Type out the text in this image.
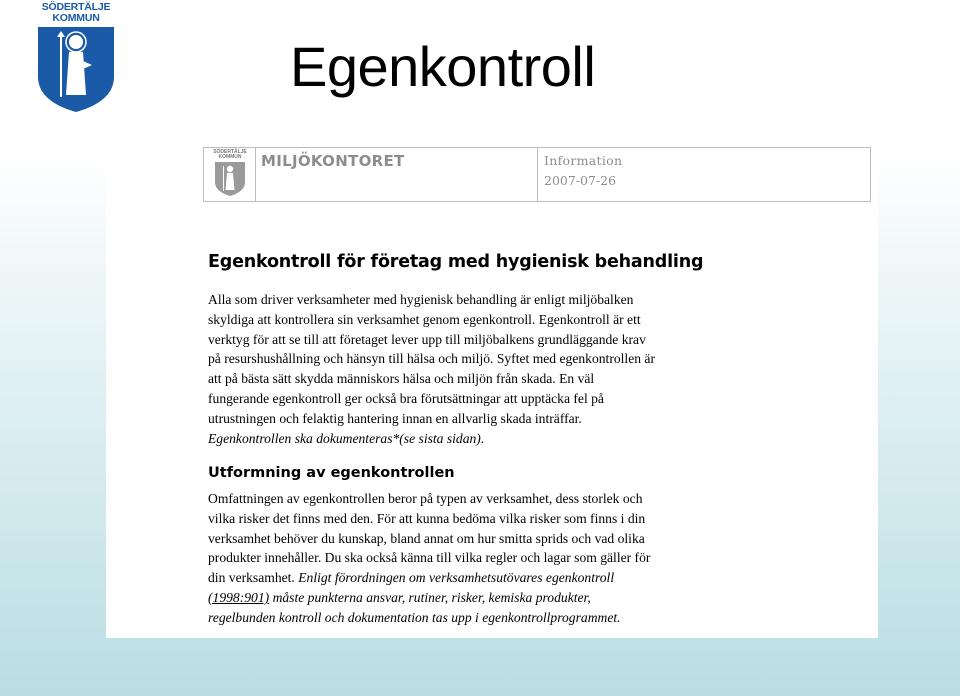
SÖDERTÄLJE
KOMMUN
Egenkontroll
SÖDERTÄLJE KOMMUN	MILJÖKONTORET	Information
2007-07-26
Egenkontroll för företag med hygienisk behandling

Alla som driver verksamheter med hygienisk behandling är enligt miljöbalken
skyldiga att kontrollera sin verksamhet genom egenkontroll. Egenkontroll är ett
verktyg för att se till att företaget lever upp till miljöbalkens grundläggande krav
på resurshushållning och hänsyn till hälsa och miljö. Syftet med egenkontrollen är
att på bästa sätt skydda människors hälsa och miljön från skada. En väl
fungerande egenkontroll ger också bra förutsättningar att upptäcka fel på
utrustningen och felaktig hantering innan en allvarlig skada inträffar.
Egenkontrollen ska dokumenteras*(se sista sidan).

Utformning av egenkontrollen

Omfattningen av egenkontrollen beror på typen av verksamhet, dess storlek och
vilka risker det finns med den. För att kunna bedöma vilka risker som finns i din
verksamhet behöver du kunskap, bland annat om hur smitta sprids och vad olika
produkter innehåller. Du ska också känna till vilka regler och lagar som gäller för
din verksamhet. Enligt förordningen om verksamhetsutövares egenkontroll
(1998:901) måste punkterna ansvar, rutiner, risker, kemiska produkter,
regelbunden kontroll och dokumentation tas upp i egenkontrollprogrammet.
